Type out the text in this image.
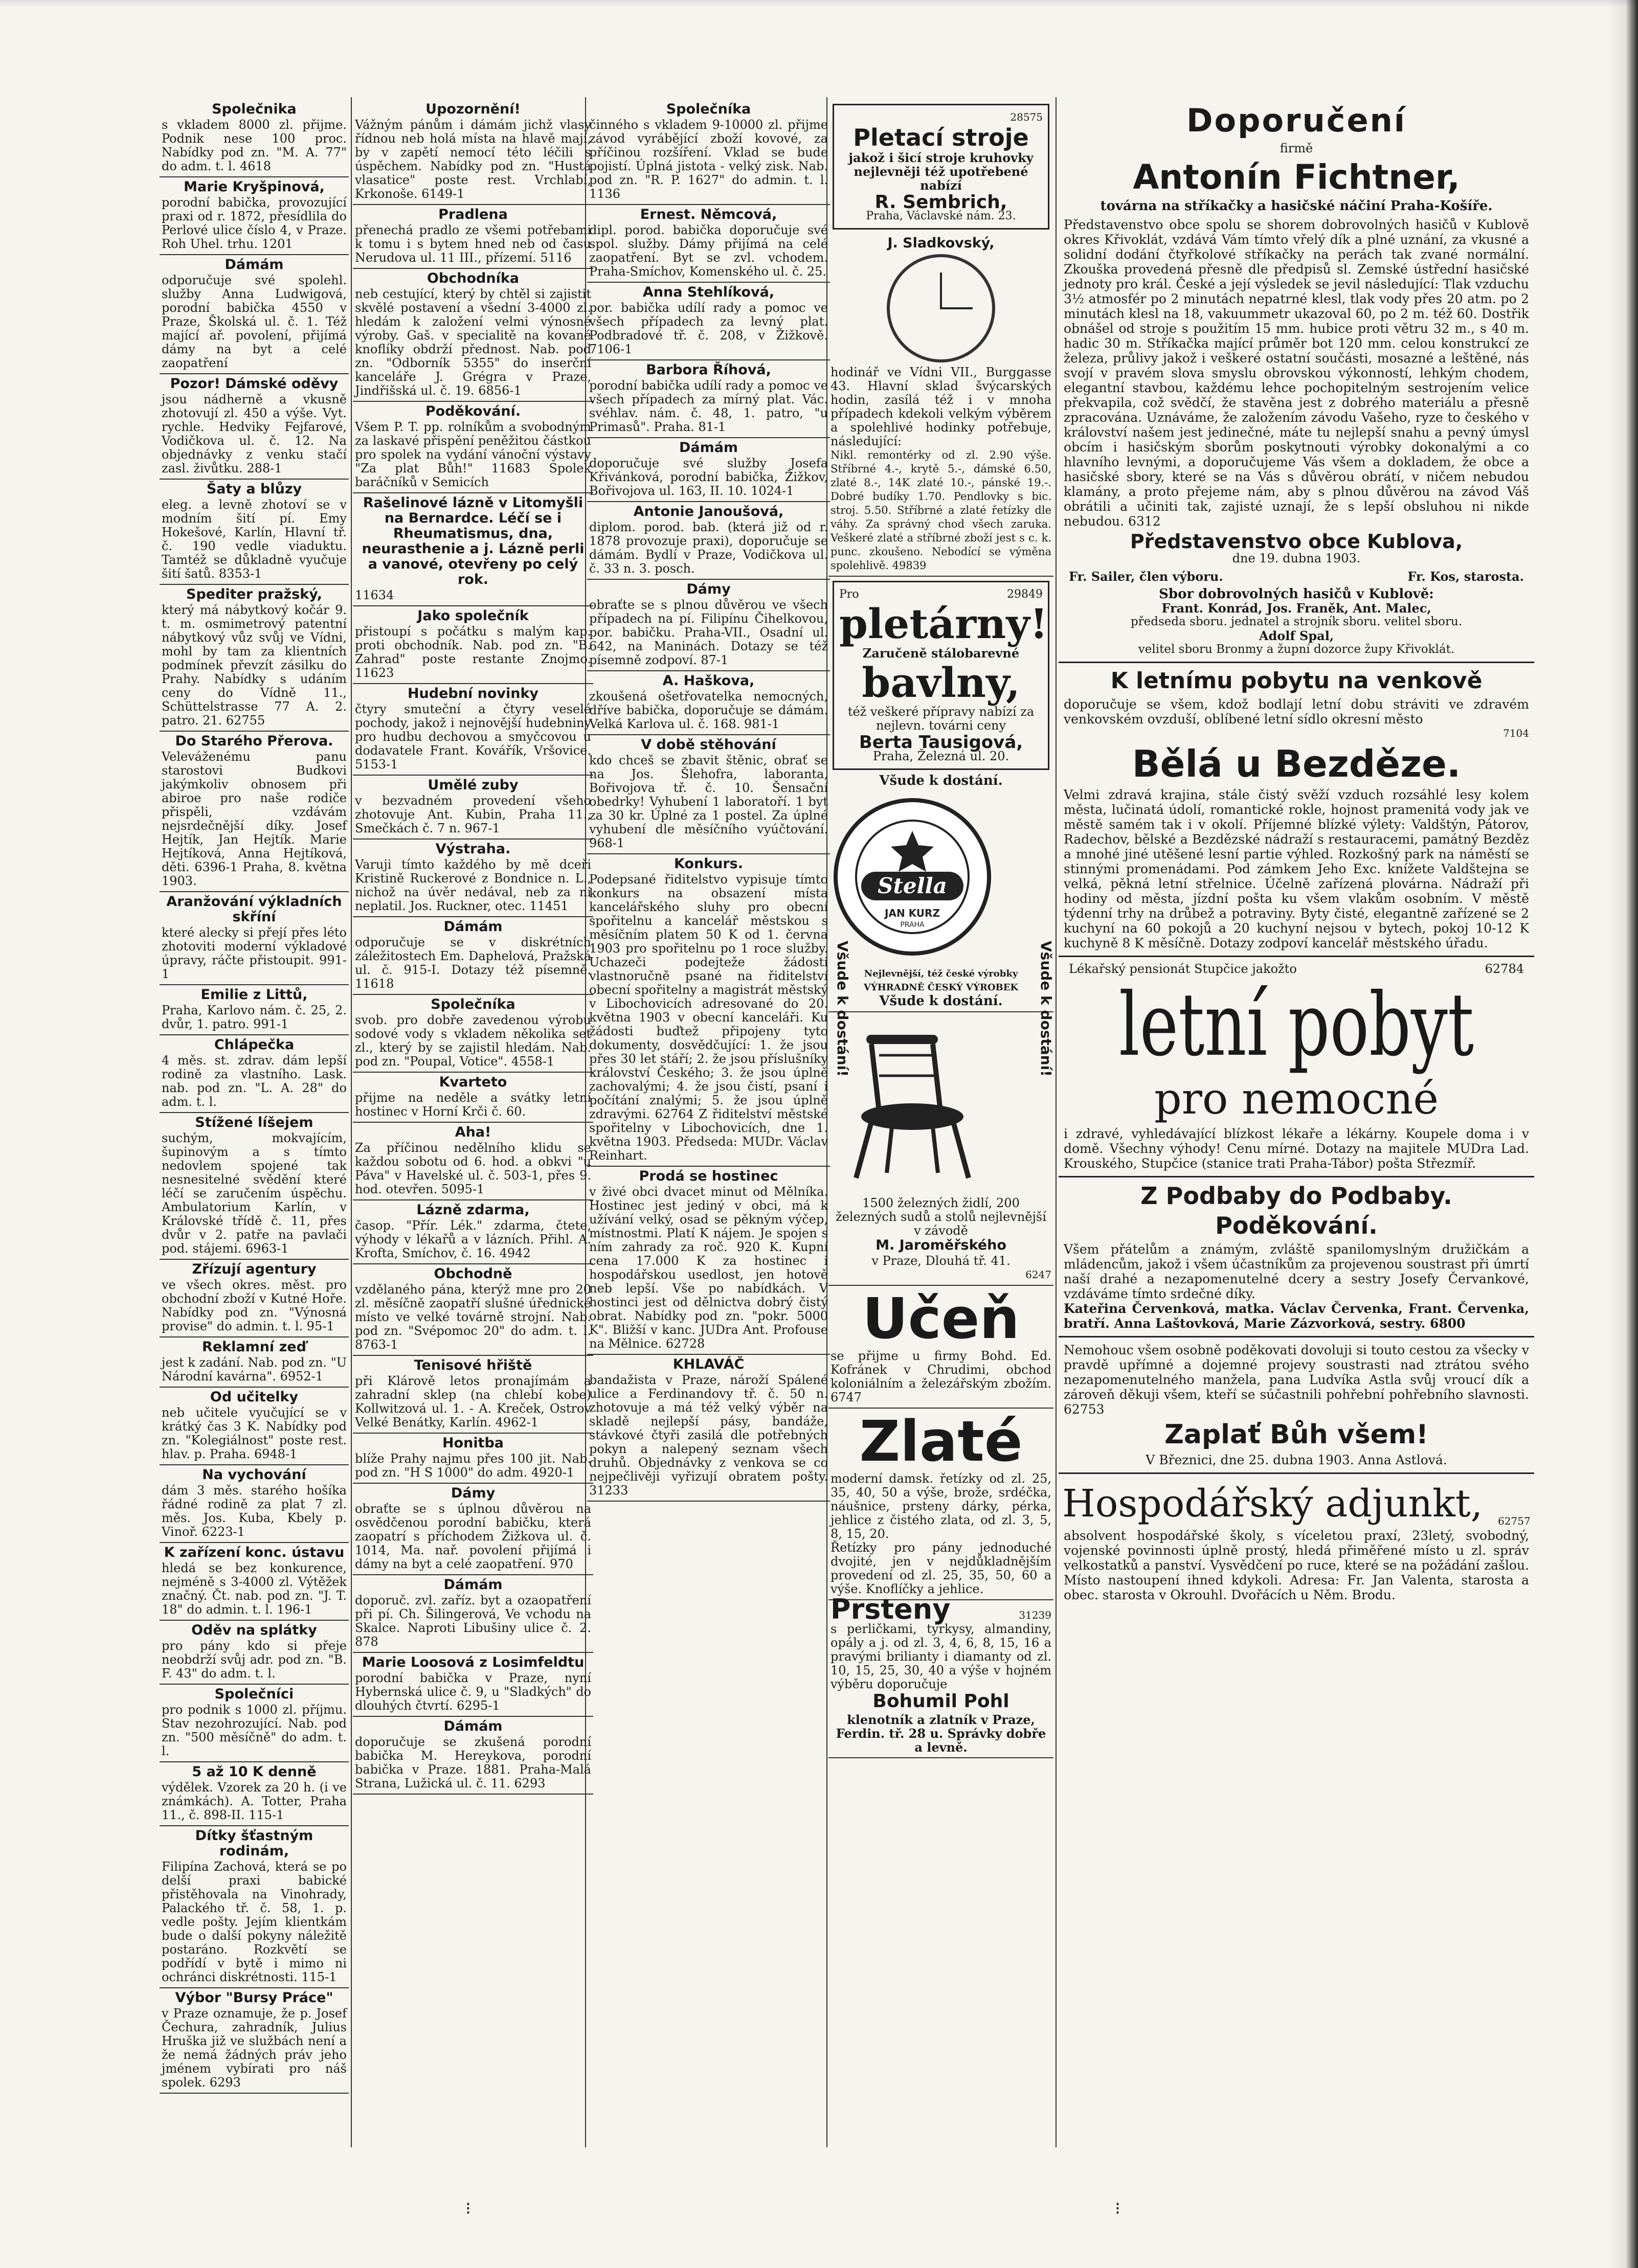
Společnika

s vkladem 8000 zl. přijme. Podnik nese 100 proc. Nabídky pod zn. "M. A. 77" do adm. t. l. 4618

Marie Kryšpinová,

porodní babička, provozující praxi od r. 1872, přesídlila do Perlové ulice číslo 4, v Praze. Roh Uhel. trhu. 1201

Dámám

odporučuje své spolehl. služby Anna Ludwigová, porodní babička 4550 v Praze, Školská ul. č. 1. Též mající ař. povolení, přijímá dámy na byt a celé zaopatření

Pozor! Dámské oděvy

jsou nádherně a vkusně zhotovují zl. 450 a výše. Vyt. rychle. Hedviky Fejfarové, Vodičkova ul. č. 12. Na objednávky z venku stačí zasl. živůtku. 288-1

Šaty a blůzy

eleg. a levně zhotoví se v modním šití pí. Emy Hokešové, Karlín, Hlavní tř. č. 190 vedle viaduktu. Tamtéž se důkladně vyučuje šití šatů. 8353-1

Spediter pražský,

který má nábytkový kočár 9. t. m. osmimetrový patentní nábytkový vůz svůj ve Vídni, mohl by tam za klientních podmínek převzít zásilku do Prahy. Nabídky s udáním ceny do Vídně 11., Schüttelstrasse 77 A. 2. patro. 21. 62755

Do Starého Přerova.

Veleváženému panu starostovi Budkovi jakýmkoliv obnosem při abiroe pro naše rodiče přispěli, vzdávám nejsrdečnější díky. Josef Hejtík, Jan Hejtík. Marie Hejtíková, Anna Hejtíková, děti. 6396-1 Praha, 8. května 1903.

Aranžování výkladních skříní

které alecky si přejí přes léto zhotoviti moderní výkladové úpravy, ráčte přistoupit. 991-1

Emilie z Littů,

Praha, Karlovo nám. č. 25, 2. dvůr, 1. patro. 991-1

Chlápečka

4 měs. st. zdrav. dám lepší rodině za vlastního. Lask. nab. pod zn. "L. A. 28" do adm. t. l.

Stížené líšejem

suchým, mokvajícím, šupinovým a s tímto nedovlem spojené tak nesnesitelné svědění které léčí se zaručením úspěchu. Ambulatorium Karlín, v Královské třídě č. 11, přes dvůr v 2. patře na pavlači pod. stájemi. 6963-1

Zřízují agentury

ve všech okres. měst. pro obchodní zboží v Kutné Hoře. Nabídky pod zn. "Výnosná provise" do admin. t. l. 95-1

Reklamní zeď

jest k zadání. Nab. pod zn. "U Národní kavárna". 6952-1

Od učitelky

neb učitele vyučující se v krátký čas 3 K. Nabídky pod zn. "Kolegiálnost" poste rest. hlav. p. Praha. 6948-1

Na vychování

dám 3 měs. starého hošíka řádné rodině za plat 7 zl. měs. Jos. Kuba, Kbely p. Vinoř. 6223-1

K zařízení konc. ústavu

hledá se bez konkurence, nejméně s 3-4000 zl. Výtěžek značný. Čt. nab. pod zn. "J. T. 18" do admin. t. l. 196-1

Oděv na splátky

pro pány kdo si přeje neobdrží svůj adr. pod zn. "B. F. 43" do adm. t. l.

Společníci

pro podnik s 1000 zl. příjmu. Stav nezohrozující. Nab. pod zn. "500 měsíčně" do adm. t. l.

5 až 10 K denně

výdělek. Vzorek za 20 h. (i ve známkách). A. Totter, Praha 11., č. 898-II. 115-1

Dítky šťastným rodinám,

Filipína Zachová, která se po delší praxi babické přistěhovala na Vinohrady, Palackého tř. č. 58, 1. p. vedle pošty. Jejím klientkám bude o další pokyny náležitě postaráno. Rozkvětí se podřídí v bytě i mimo ni ochránci diskrétnosti. 115-1

Výbor "Bursy Práce"

v Praze oznamuje, že p. Josef Čechura, zahradník, Julius Hruška již ve službách není a že nemá žádných práv jeho jménem vybírati pro náš spolek. 6293

Upozornění!

Vážným pánům i dámám jichž vlasy řídnou neb holá místa na hlavě mají, by v zapětí nemocí této léčili s úspěchem. Nabídky pod zn. "Hustá vlasatice" poste rest. Vrchlabí, Krkonoše. 6149-1

Pradlena

přenechá pradlo ze všemi potřebami k tomu i s bytem hned neb od času Nerudova ul. 11 III., přízemí. 5116

Obchodníka

neb cestující, který by chtěl si zajistit skvělé postavení a všední 3-4000 zl. hledám k založení velmi výnosné výroby. Gaš. v specialitě na kované knoflíky obdrží přednost. Nab. pod zn. "Odborník 5355" do inserční kanceláře J. Grégra v Praze, Jindřišská ul. č. 19. 6856-1

Poděkování.

Všem P. T. pp. rolníkům a svobodným za laskavé přispění peněžitou částkou pro spolek na vydání vánoční výstavy "Za plat Bůh!" 11683 Spolek baráčníků v Semicích

Rašelinové lázně v Litomyšli na Bernardce. Léčí se i Rheumatismus, dna, neurasthenie a j. Lázně perli a vanové, otevřeny po celý rok.

11634

Jako společník

přistoupí s počátku s malým kap. proti obchodník. Nab. pod zn. "B. Zahrad" poste restante Znojmo. 11623

Hudební novinky

čtyry smuteční a čtyry veselé pochody, jakož i nejnovější hudebniny pro hudbu dechovou a smyčcovou u dodavatele Frant. Kovářík, Vršovice. 5153-1

Umělé zuby

v bezvadném provedení všeho zhotovuje Ant. Kubin, Praha 11., Smečkách č. 7 n. 967-1

Výstraha.

Varuji tímto každého by mě dceři Kristině Ruckerové z Bondnice n. L., nichož na úvěr nedával, neb za ni neplatil. Jos. Ruckner, otec. 11451

Dámám

odporučuje se v diskrétních záležitostech Em. Daphelová, Pražská ul. č. 915-I. Dotazy též písemně. 11618

Společníka

svob. pro dobře zavedenou výrobu sodové vody s vkladem několika set zl., který by se zajistil hledám. Nab. pod zn. "Poupal, Votice". 4558-1

Kvarteto

přijme na neděle a svátky letní hostinec v Horní Krči č. 60.

Aha!

Za příčinou nedělního klidu se každou sobotu od 6. hod. a obkvi "u Páva" v Havelské ul. č. 503-1, přes 9. hod. otevřen. 5095-1

Lázně zdarma,

časop. "Přír. Lék." zdarma, čtete, výhody v lékařů a v lázních. Přihl. A. Krofta, Smíchov, č. 16. 4942

Obchodně

vzdělaného pána, kterýž mne pro 20 zl. měsíčně zaopatří slušné úřednické místo ve velké továrně strojní. Nab. pod zn. "Svépomoc 20" do adm. t. l. 8763-1

Tenisové hřiště

při Klárově letos pronajímám a zahradní sklep (na chlebí kobe) Kollwitzová ul. 1. - A. Kreček, Ostrov Velké Benátky, Karlín. 4962-1

Honitba

blíže Prahy najmu přes 100 jit. Nab. pod zn. "H S 1000" do adm. 4920-1

Dámy

obraťte se s úplnou důvěrou na osvědčenou porodní babičku, která zaopatrí s příchodem Žižkova ul. č. 1014, Ma. nař. povolení přijímá i dámy na byt a celé zaopatření. 970

Dámám

doporuč. zvl. zaříz. byt a ozaopatření při pí. Ch. Šilingerová, Ve vchodu na Skalce. Naproti Libušiny ulice č. 2. 878

Marie Loosová z Losimfeldtu

porodní babička v Praze, nyní Hybernská ulice č. 9, u "Sladkých" do dlouhých čtvrtí. 6295-1

Dámám

doporučuje se zkušená porodní babička M. Hereykova, porodní babička v Praze. 1881. Praha-Malá Strana, Lužická ul. č. 11. 6293

Společníka

činného s vkladem 9-10000 zl. přijme závod vyrábějící zboží kovové, za příčinou rozšíření. Vklad se bude pojistí. Úplná jistota - velký zisk. Nab. pod zn. "R. P. 1627" do admin. t. l. 1136

Ernest. Němcová,

dipl. porod. babička doporučuje své spol. služby. Dámy přijímá na celé zaopatření. Byt se zvl. vchodem. Praha-Smíchov, Komenského ul. č. 25.

Anna Stehlíková,

por. babička udílí rady a pomoc ve všech případech za levný plat. Podbradové tř. č. 208, v Žižkově. 7106-1

Barbora Říhová,

porodní babička udílí rady a pomoc ve všech případech za mírný plat. Vác. svéhlav. nám. č. 48, 1. patro, "u Primasů". Praha. 81-1

Dámám

doporučuje své služby Josefa Křivánková, porodní babička, Žižkov, Bořivojova ul. 163, II. 10. 1024-1

Antonie Janoušová,

diplom. porod. bab. (která již od r. 1878 provozuje praxi), doporučuje se dámám. Bydlí v Praze, Vodičkova ul. č. 33 n. 3. posch.

Dámy

obraťte se s plnou důvěrou ve všech případech na pí. Filipínu Čihelkovou, por. babičku. Praha-VII., Osadní ul. 642, na Maninách. Dotazy se též písemně zodpoví. 87-1

A. Haškova,

zkoušená ošetřovatelka nemocných, dříve babička, doporučuje se dámám. Velká Karlova ul. č. 168. 981-1

V době stěhování

kdo chceš se zbavit štěnic, obrať se na Jos. Šlehofra, laboranta, Bořivojova tř. č. 10. Šensační obedrky! Vyhubení 1 laboratoří. 1 byt za 30 kr. Úplné za 1 postel. Za úplné vyhubení dle měsíčního vyúčtování. 968-1

Konkurs.

Podepsané řiditelstvo vypisuje tímto konkurs na obsazení místa kancelářského sluhy pro obecní spořitelnu a kancelář městskou s měsíčním platem 50 K od 1. června 1903 pro spořitelnu po 1 roce služby. Uchazeči podejteže žádosti vlastnoručně psané na řiditelství obecní spořitelny a magistrát městský v Libochovicích adresované do 20. května 1903 v obecní kanceláři. Ku žádosti buďtež připojeny tyto dokumenty, dosvědčující: 1. že jsou přes 30 let stáří; 2. že jsou příslušníky království Českého; 3. že jsou úplně zachovalými; 4. že jsou čistí, psaní i počítání znalými; 5. že jsou úplně zdravými. 62764 Z řiditelství městské spořitelny v Libochovicích, dne 1. května 1903. Předseda: MUDr. Václav Reinhart.

Prodá se hostinec

v živé obci dvacet minut od Mělníka. Hostinec jest jediný v obci, má k užívání velký, osad se pěkným výčep, místnostmi. Platí K nájem. Je spojen s ním zahrady za roč. 920 K. Kupní cena 17.000 K za hostinec i hospodářskou usedlost, jen hotově neb lepší. Vše po nabídkách. V hostinci jest od dělnictva dobrý čistý obrat. Nabídky pod zn. "pokr. 5000 K". Bližší v kanc. JUDra Ant. Profouse na Mělnice. 62728

KHLAVÁČ

bandažista v Praze, nároží Spálené ulice a Ferdinandovy tř. č. 50 n. zhotovuje a má též velký výběr na skladě nejlepší pásy, bandáže, stávkové čtyři zasilá dle potřebných pokyn a nalepený seznam všech druhů. Objednávky z venkova se co nejpečlivěji vyřizují obratem pošty. 31233

28575
Pletací stroje
jakož i šicí stroje kruhovky nejlevněji též upotřebené nabízí
R. Sembrich,
Praha, Václavské nám. 23.
J. Sladkovský,

hodinář ve Vídni VII., Burggasse 43. Hlavní sklad švýcarských hodin, zasílá též i v mnoha případech kdekoli velkým výběrem a spolehlivé hodinky potřebuje, následující:

Nikl. remontérky od zl. 2.90 výše. Stříbrné 4.-, krytě 5.-, dámské 6.50, zlaté 8.-, 14K zlaté 10.-, pánské 19.-. Dobré budíky 1.70. Pendlovky s bic. stroj. 5.50. Stříbrné a zlaté řetízky dle váhy. Za správný chod všech zaruka. Veškeré zlaté a stříbrné zboží jest s c. k. punc. zkoušeno. Nebodící se výměna spolehlivě. 49839

Pro	29849
pletárny!
Zaručeně stálobarevné
bavlny,
též veškeré přípravy nabízí za nejlevn. továrni ceny
Berta Tausigová,
Praha, Železná ul. 20.
Všude k dostání.
Stella
JAN KURZ
PRAHA
Nejlevnější, též české výrobky
VÝHRADNĚ ČESKÝ VÝROBEK
Všude k dostání.

1500 železných židlí, 200 železných sudů a stolů nejlevnější v závodě

M. Jaroměřského

v Praze, Dlouhá tř. 41.

6247

Učeň

se přijme u firmy Bohd. Ed. Kofránek v Chrudimi, obchod koloniálním a železářským zbožím. 6747

Zlaté

moderní damsk. řetízky od zl. 25, 35, 40, 50 a výše, brože, srdéčka, náušnice, prsteny dárky, pérka, jehlice z čistého zlata, od zl. 3, 5, 8, 15, 20.

Řetízky pro pány jednoduché dvojité, jen v nejdůkladnějším provedení od zl. 25, 35, 50, 60 a výše. Knoflíčky a jehlice.

Prsteny	31239

s perličkami, tyrkysy, almandiny, opály a j. od zl. 3, 4, 6, 8, 15, 16 a pravými brilianty i diamanty od zl. 10, 15, 25, 30, 40 a výše v hojném výběru doporučuje

Bohumil Pohl

klenotník a zlatník v Praze, Ferdin. tř. 28 u. Správky dobře a levně.

Doporučení
firmě
Antonín Fichtner,
továrna na stříkačky a hasičské náčiní Praha-Košíře.

Představenstvo obce spolu se shorem dobrovolných hasičů v Kublově okres Křivoklát, vzdává Vám tímto vřelý dík a plné uznání, za vkusné a solidní dodání čtyřkolové stříkačky na perách tak zvané normální. Zkouška provedená přesně dle předpisů sl. Zemské ústřední hasičské jednoty pro král. České a její výsledek se jevil následující: Tlak vzduchu 3½ atmosfér po 2 minutách nepatrné klesl, tlak vody přes 20 atm. po 2 minutách klesl na 18, vakuummetr ukazoval 60, po 2 m. též 60. Dostřik obnášel od stroje s použitím 15 mm. hubice proti větru 32 m., s 40 m. hadic 30 m. Stříkačka mající průměr bot 120 mm. celou konstrukcí ze železa, průlivy jakož i veškeré ostatní součásti, mosazné a leštěné, nás svojí v pravém slova smyslu obrovskou výkonností, lehkým chodem, elegantní stavbou, každému lehce pochopitelným sestrojením velice překvapila, což svědčí, že stavěna jest z dobrého materiálu a přesně zpracována. Uznáváme, že založením závodu Vašeho, ryze to českého v království našem jest jedinečné, máte tu nejlepší snahu a pevný úmysl obcím i hasičským sborům poskytnouti výrobky dokonalými a co hlavního levnými, a doporučujeme Vás všem a dokladem, že obce a hasičské sbory, které se na Vás s důvěrou obrátí, v ničem nebudou klamány, a proto přejeme nám, aby s plnou důvěrou na závod Váš obrátili a učiniti tak, zajisté uznají, že s lepší obsluhou ni nikde nebudou. 6312

Představenstvo obce Kublova,
dne 19. dubna 1903.
Fr. Sailer, člen výboru.	Fr. Kos, starosta.
Sbor dobrovolných hasičů v Kublově:
Frant. Konrád, Jos. Franěk, Ant. Malec,
předseda sboru. jednatel a strojník sboru. velitel sboru.
Adolf Spal,
velitel sboru Bronmy a župní dozorce župy Křivoklát.
K letnímu pobytu na venkově

doporučuje se všem, kdož bodlají letní dobu stráviti ve zdravém venkovském ovzduší, oblíbené letní sídlo okresní město

7104
Bělá u Bezděze.

Velmi zdravá krajina, stále čistý svěží vzduch rozsáhlé lesy kolem města, lučinatá údolí, romantické rokle, hojnost pramenitá vody jak ve městě samém tak i v okolí. Příjemné blízké výlety: Valdštýn, Pátorov, Radechov, bělské a Bezdězské nádraží s restauracemi, památný Bezděz a mnohé jiné utěšené lesní partie výhled. Rozkošný park na náměstí se stinnými promenádami. Pod zámkem Jeho Exc. knížete Valdštejna se velká, pěkná letní střelnice. Účelně zařízená plovárna. Nádraží při hodiny od města, jízdní pošta ku všem vlakům osobním. V městě týdenní trhy na drůbež a potraviny. Byty čisté, elegantně zařízené se 2 kuchyní na 60 pokojů a 20 kuchyní nejsou v bytech, pokoj 10-12 K kuchyně 8 K měsíčně. Dotazy zodpoví kancelář městského úřadu.

Lékařský pensionát Stupčice jakožto	62784
letní pobyt
pro nemocné

i zdravé, vyhledávající blízkost lékaře a lékárny. Koupele doma i v domě. Všechny výhody! Cenu mírné. Dotazy na majitele MUDra Lad. Krouského, Stupčice (stanice trati Praha-Tábor) pošta Střezmíř.

Z Podbaby do Podbaby.
Poděkování.

Všem přátelům a známým, zvláště spanilomyslným družičkám a mládencům, jakož i všem účastníkům za projevenou soustrast při úmrtí naší drahé a nezapomenutelné dcery a sestry Josefy Červankové, vzdáváme tímto srdečné díky.

Kateřina Červenková, matka. Václav Červenka, Frant. Červenka, bratří. Anna Laštovková, Marie Zázvorková, sestry. 6800

Nemohouc všem osobně poděkovati dovoluji si touto cestou za všecky v pravdě upřímné a dojemné projevy soustrasti nad ztrátou svého nezapomenutelného manžela, pana Ludvíka Astla svůj vroucí dík a zároveň děkuji všem, kteří se súčastnili pohřební pohřebního slavnosti. 62753

Zaplať Bůh všem!

V Březnici, dne 25. dubna 1903. Anna Astlová.

Hospodářský adjunkt, 62757

absolvent hospodářské školy, s víceletou praxí, 23letý, svobodný, vojenské povinnosti úplně prostý, hledá přiměřené místo u zl. správ velkostatků a panství. Vysvědčení po ruce, které se na požádání zašlou. Místo nastoupení ihned kdykoli. Adresa: Fr. Jan Valenta, starosta a obec. starosta v Okrouhl. Dvořácích u Něm. Brodu.

Všude k dostání!	Všude k dostání!
⁝	⁝
